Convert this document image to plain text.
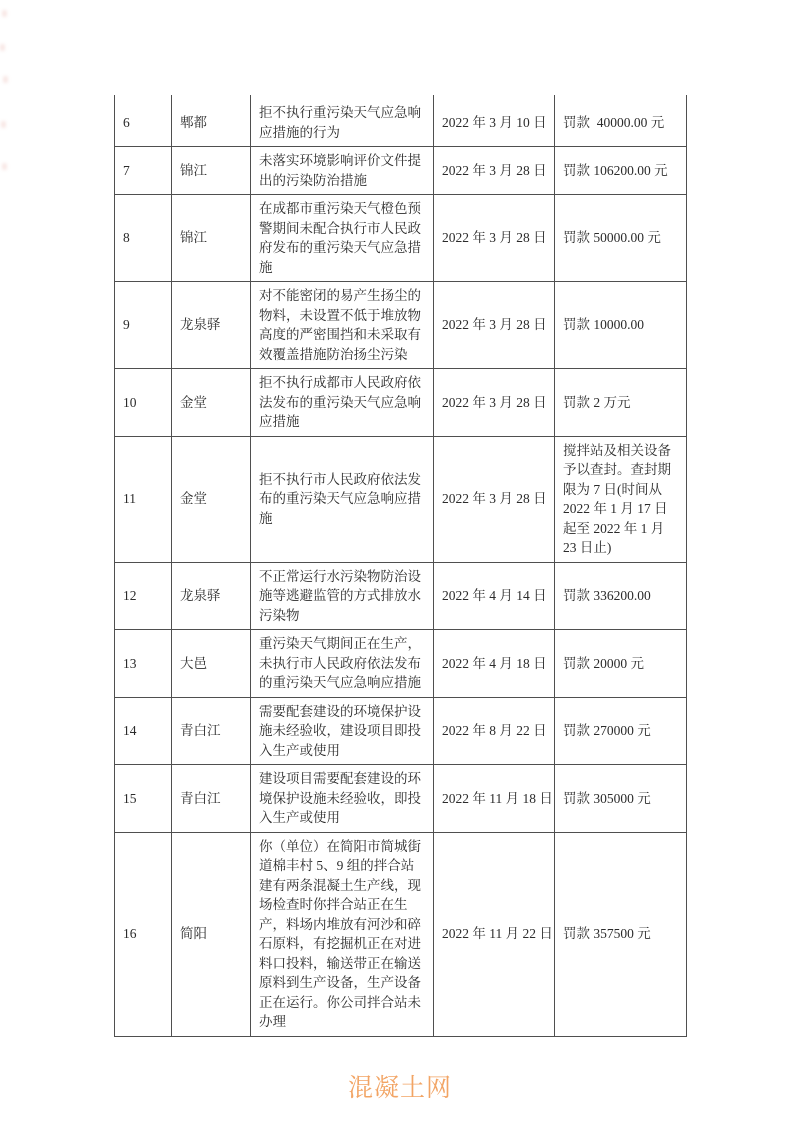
6	郫都	拒不执行重污染天气应急响应措施的行为	2022 年 3 月 10 日	罚款  40000.00 元
7	锦江	未落实环境影响评价文件提出的污染防治措施	2022 年 3 月 28 日	罚款 106200.00 元
8	锦江	在成都市重污染天气橙色预警期间未配合执行市人民政府发布的重污染天气应急措施	2022 年 3 月 28 日	罚款 50000.00 元
9	龙泉驿	对不能密闭的易产生扬尘的物料，未设置不低于堆放物高度的严密围挡和未采取有效覆盖措施防治扬尘污染	2022 年 3 月 28 日	罚款 10000.00
10	金堂	拒不执行成都市人民政府依法发布的重污染天气应急响应措施	2022 年 3 月 28 日	罚款 2 万元
11	金堂	拒不执行市人民政府依法发布的重污染天气应急响应措施	2022 年 3 月 28 日	搅拌站及相关设备予以查封。查封期限为 7 日(时间从 2022 年 1 月 17 日起至 2022 年 1 月 23 日止)
12	龙泉驿	不正常运行水污染物防治设施等逃避监管的方式排放水污染物	2022 年 4 月 14 日	罚款 336200.00
13	大邑	重污染天气期间正在生产，未执行市人民政府依法发布的重污染天气应急响应措施	2022 年 4 月 18 日	罚款 20000 元
14	青白江	需要配套建设的环境保护设施未经验收，建设项目即投入生产或使用	2022 年 8 月 22 日	罚款 270000 元
15	青白江	建设项目需要配套建设的环境保护设施未经验收，即投入生产或使用	2022 年 11 月 18 日	罚款 305000 元
16	简阳	你（单位）在简阳市简城街道棉丰村 5、9 组的拌合站建有两条混凝土生产线，现场检查时你拌合站正在生产，料场内堆放有河沙和碎石原料，有挖掘机正在对进料口投料，输送带正在输送原料到生产设备，生产设备正在运行。你公司拌合站未办理	2022 年 11 月 22 日	罚款 357500 元
混凝土网
